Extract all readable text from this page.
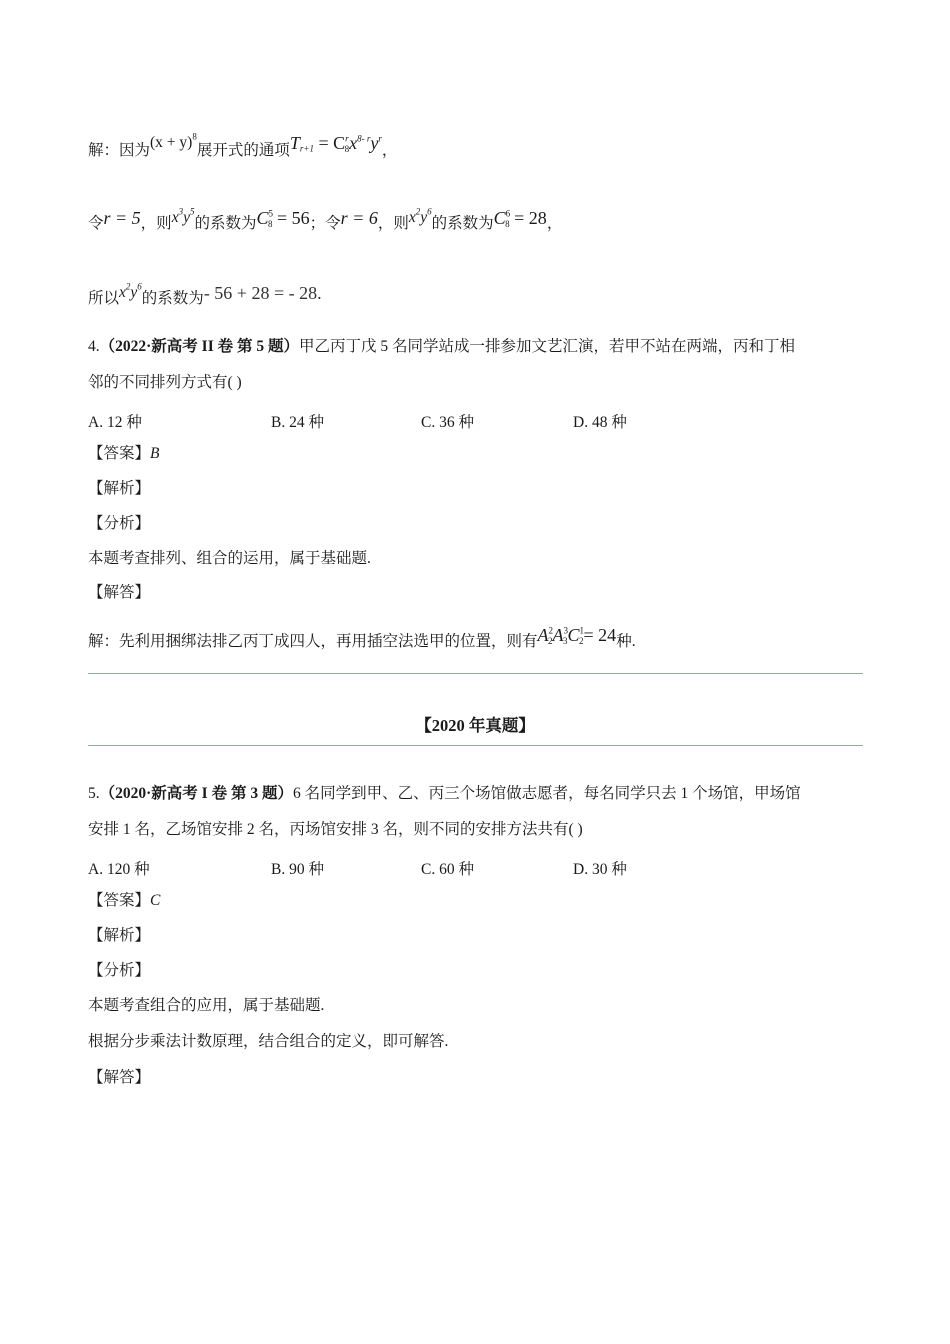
解：因为$(x + y)^8$展开式的通项$T_{r+1} = C^r_8x^{8- r}y^r$，
令r = 5，则$x^3y^5$的系数为$C^5_8 = 56$；令r = 6，则$x^2y^6$的系数为$C^6_8 = 28$，
所以$x^2y^6$的系数为- 56 + 28 = - 28.
4.（2022·新高考 II 卷 第 5 题）甲乙丙丁戊 5 名同学站成一排参加文艺汇演，若甲不站在两端，丙和丁相
邻的不同排列方式有( )
A. 12 种	B. 24 种	C. 36 种	D. 48 种
【答案】B
【解析】
【分析】
本题考查排列、组合的运用，属于基础题.
【解答】
解：先利用捆绑法排乙丙丁成四人，再用插空法选甲的位置，则有$A^2_2A^3_3C^1_2= 24$种.
【2020 年真题】
5.（2020·新高考 I 卷 第 3 题）6 名同学到甲、乙、丙三个场馆做志愿者，每名同学只去 1 个场馆，甲场馆
安排 1 名，乙场馆安排 2 名，丙场馆安排 3 名，则不同的安排方法共有( )
A. 120 种	B. 90 种	C. 60 种	D. 30 种
【答案】C
【解析】
【分析】
本题考查组合的应用，属于基础题.
根据分步乘法计数原理，结合组合的定义，即可解答.
【解答】
